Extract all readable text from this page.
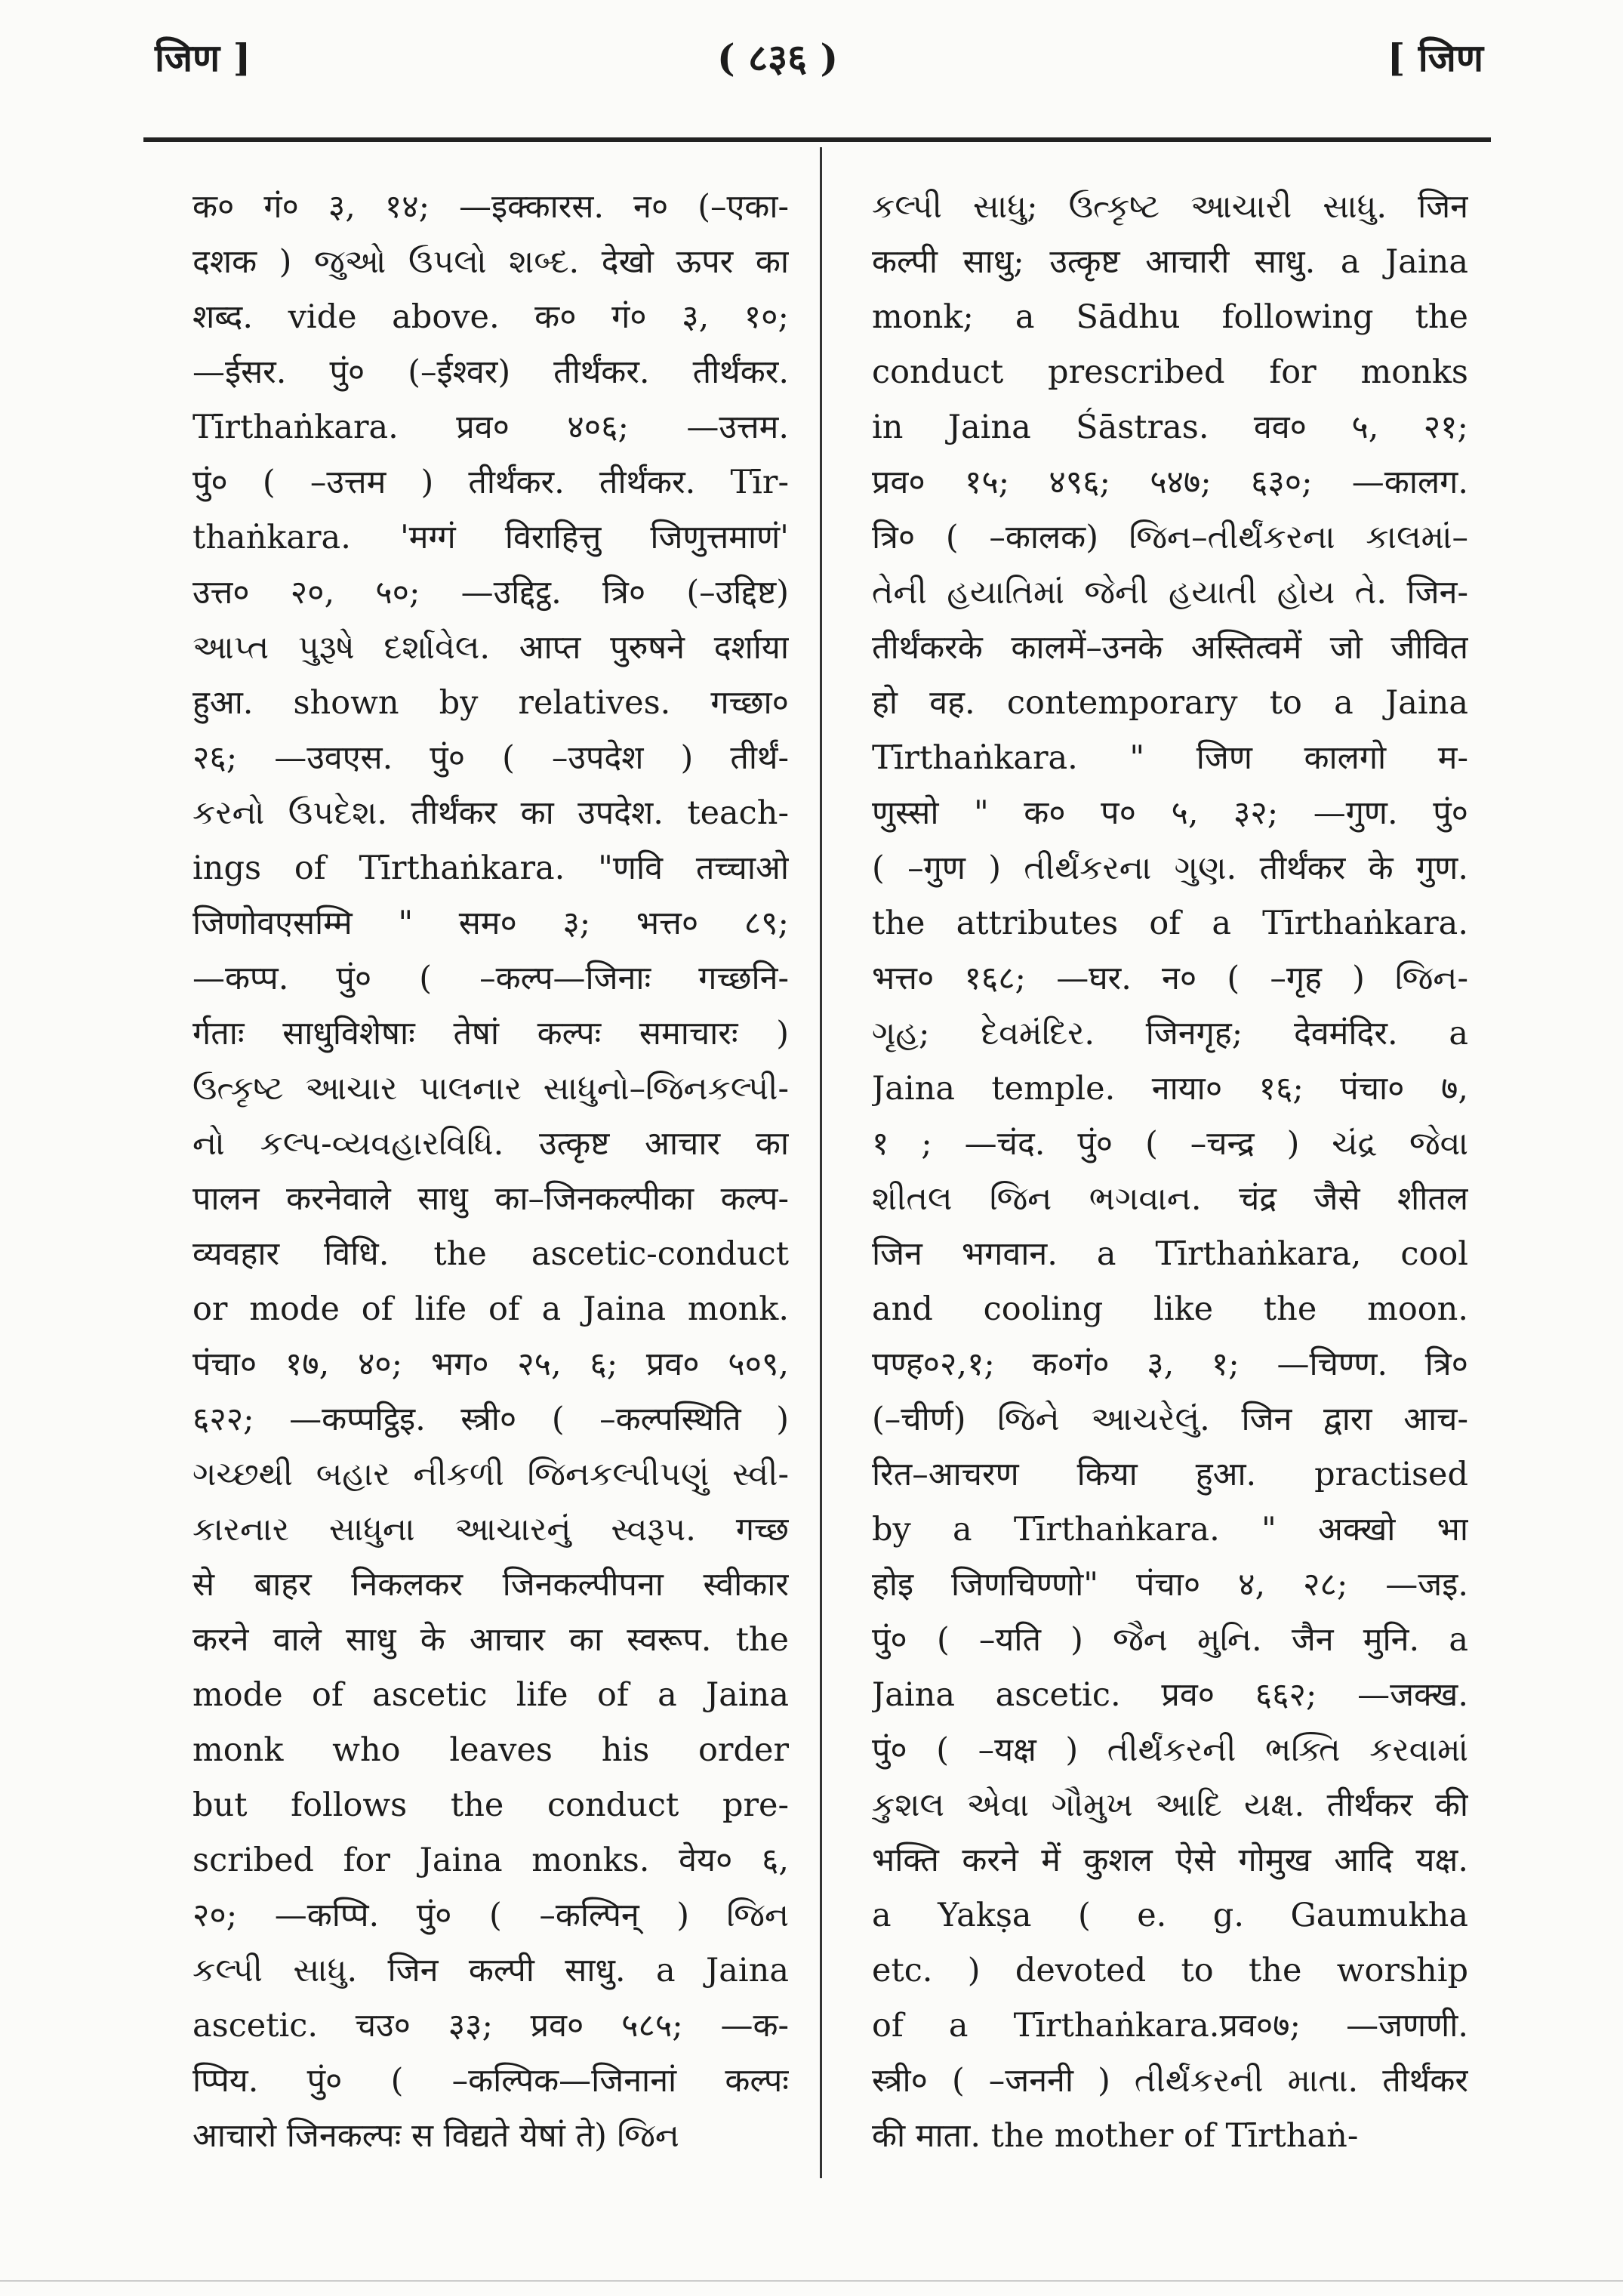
जिण ]	( ८३६ )	[ जिण
क० गं० ३, १४; —इक्कारस. न० (–एका-
दशक ) જુઓ ઉપલો શબ્દ. देखो ऊपर का
शब्द. vide above. क० गं० ३, १०;
—ईसर. पुं० (–ईश्वर) तीर्थंकर. तीर्थंकर.
Tīrthaṅkara. प्रव० ४०६; —उत्तम.
पुं० ( –उत्तम ) तीर्थंकर. तीर्थंकर. Tīr-
thaṅkara. 'मग्गं विराहित्तु जिणुत्तमाणं'
उत्त० २०, ५०; —उद्दिट्ठ. त्रि० (–उद्दिष्ट)
આપ્ત પુરૂષે દર્શાવેલ. आप्त पुरुषने दर्शाया
हुआ. shown by relatives. गच्छा०
२६; —उवएस. पुं० ( –उपदेश ) तीर्थं-
કરનો ઉપદેશ. तीर्थंकर का उपदेश. teach-
ings of Tīrthaṅkara. "णवि तच्चाओ
जिणोवएसम्मि " सम० ३; भत्त० ८९;
—कप्प. पुं० ( –कल्प—जिनाः गच्छनि-
र्गताः साधुविशेषाः तेषां कल्पः समाचारः )
ઉત્કૃષ્ટ આચાર પાલનાર સાધુનો–જિનકલ્પી-
નો કલ્પ-વ્યવહારવિધિ. उत्कृष्ट आचार का
पालन करनेवाले साधु का–जिनकल्पीका कल्प-
व्यवहार विधि. the ascetic-conduct
or mode of life of a Jaina monk.
पंचा० १७, ४०; भग० २५, ६; प्रव० ५०९,
६२२; —कप्पट्ठिइ. स्त्री० ( –कल्पस्थिति )
ગચ્છથી બહાર નીકળી જિનકલ્પીપણું સ્વી-
કારનાર સાધુના આચારનું સ્વરૂપ. गच्छ
से बाहर निकलकर जिनकल्पीपना स्वीकार
करने वाले साधु के आचार का स्वरूप. the
mode of ascetic life of a Jaina
monk who leaves his order
but follows the conduct pre-
scribed for Jaina monks. वेय० ६,
२०; —कप्पि. पुं० ( –कल्पिन् ) જિન
કલ્પી સાધુ. जिन कल्पी साधु. a Jaina
ascetic. चउ० ३३; प्रव० ५८५; —क-
प्पिय. पुं० ( –कल्पिक—जिनानां कल्पः
आचारो जिनकल्पः स विद्यते येषां ते) જિન
કલ્પી સાધુ; ઉત્કૃષ્ટ આચારી સાધુ. जिन
कल्पी साधु; उत्कृष्ट आचारी साधु. a Jaina
monk; a Sādhu following the
conduct prescribed for monks
in Jaina Śāstras. वव० ५, २१;
प्रव० १५; ४९६; ५४७; ६३०; —कालग.
त्रि० ( –कालक) જિન–તીર્થંકરના કાલમાં–
તેની હયાતિમાં જેની હયાતી હોય તે. जिन-
तीर्थंकरके कालमें–उनके अस्तित्वमें जो जीवित
हो वह. contemporary to a Jaina
Tīrthaṅkara. " जिण कालगो म-
णुस्सो " क० प० ५, ३२; —गुण. पुं०
( –गुण ) તીર્થંકરના ગુણ. तीर्थंकर के गुण.
the attributes of a Tīrthaṅkara.
भत्त० १६८; —घर. न० ( –गृह ) જિન-
ગૃહ; દેવમંદિર. जिनगृह; देवमंदिर. a
Jaina temple. नाया० १६; पंचा० ७,
१ ; —चंद. पुं० ( –चन्द्र ) ચંદ્ર જેવા
શીતલ જિન ભગવાન. चंद्र जैसे शीतल
जिन भगवान. a Tīrthaṅkara, cool
and cooling like the moon.
पण्ह०२,१; क०गं० ३, १; —चिण्ण. त्रि०
(–चीर्ण) જિને આચરેલું. जिन द्वारा आच-
रित–आचरण किया हुआ. practised
by a Tīrthaṅkara. " अक्खो भा
होइ जिणचिण्णो" पंचा० ४, २८; —जइ.
पुं० ( –यति ) જૈન મુનિ. जैन मुनि. a
Jaina ascetic. प्रव० ६६२; —जक्ख.
पुं० ( –यक्ष ) તીર્થંકરની ભક્તિ કરવામાં
કુશલ એવા ગૌમુખ આદિ યક્ષ. तीर्थंकर की
भक्ति करने में कुशल ऐसे गोमुख आदि यक्ष.
a Yakṣa ( e. g. Gaumukha
etc. ) devoted to the worship
of a Tīrthaṅkara.प्रव०७; —जणणी.
स्त्री० ( –जननी ) તીર્થંકરની માતા. तीर्थंकर
की माता. the mother of Tīrthaṅ-
